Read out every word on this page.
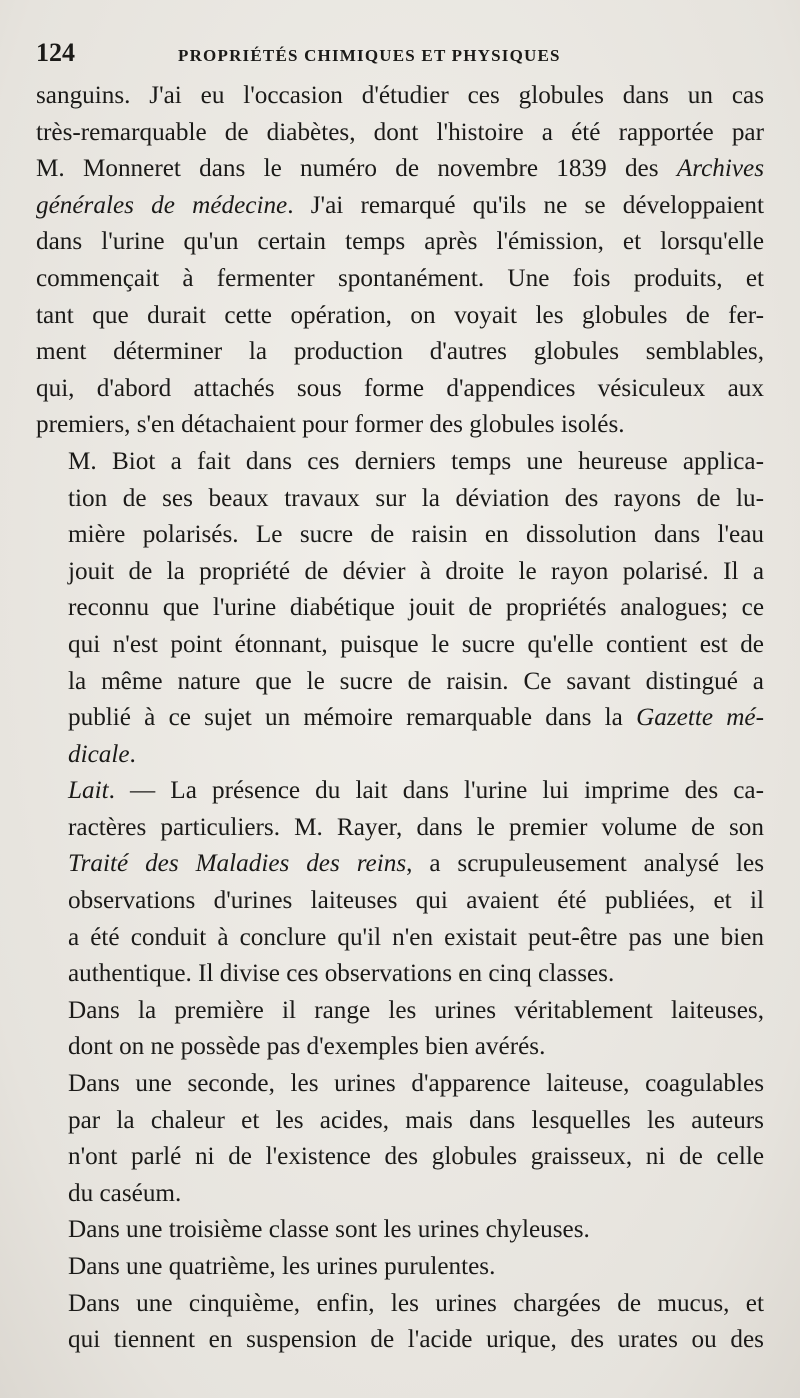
124	PROPRIÉTÉS CHIMIQUES ET PHYSIQUES

sanguins. J'ai eu l'occasion d'étudier ces globules dans un cas
très-remarquable de diabètes, dont l'histoire a été rapportée par
M. Monneret dans le numéro de novembre 1839 des Archives
générales de médecine. J'ai remarqué qu'ils ne se développaient
dans l'urine qu'un certain temps après l'émission, et lorsqu'elle
commençait à fermenter spontanément. Une fois produits, et
tant que durait cette opération, on voyait les globules de fer-
ment déterminer la production d'autres globules semblables,
qui, d'abord attachés sous forme d'appendices vésiculeux aux
premiers, s'en détachaient pour former des globules isolés.

M. Biot a fait dans ces derniers temps une heureuse applica-
tion de ses beaux travaux sur la déviation des rayons de lu-
mière polarisés. Le sucre de raisin en dissolution dans l'eau
jouit de la propriété de dévier à droite le rayon polarisé. Il a
reconnu que l'urine diabétique jouit de propriétés analogues; ce
qui n'est point étonnant, puisque le sucre qu'elle contient est de
la même nature que le sucre de raisin. Ce savant distingué a
publié à ce sujet un mémoire remarquable dans la Gazette mé-
dicale.

Lait. — La présence du lait dans l'urine lui imprime des ca-
ractères particuliers. M. Rayer, dans le premier volume de son
Traité des Maladies des reins, a scrupuleusement analysé les
observations d'urines laiteuses qui avaient été publiées, et il
a été conduit à conclure qu'il n'en existait peut-être pas une bien
authentique. Il divise ces observations en cinq classes.

Dans la première il range les urines véritablement laiteuses,
dont on ne possède pas d'exemples bien avérés.

Dans une seconde, les urines d'apparence laiteuse, coagulables
par la chaleur et les acides, mais dans lesquelles les auteurs
n'ont parlé ni de l'existence des globules graisseux, ni de celle
du caséum.

Dans une troisième classe sont les urines chyleuses.

Dans une quatrième, les urines purulentes.

Dans une cinquième, enfin, les urines chargées de mucus, et
qui tiennent en suspension de l'acide urique, des urates ou des
